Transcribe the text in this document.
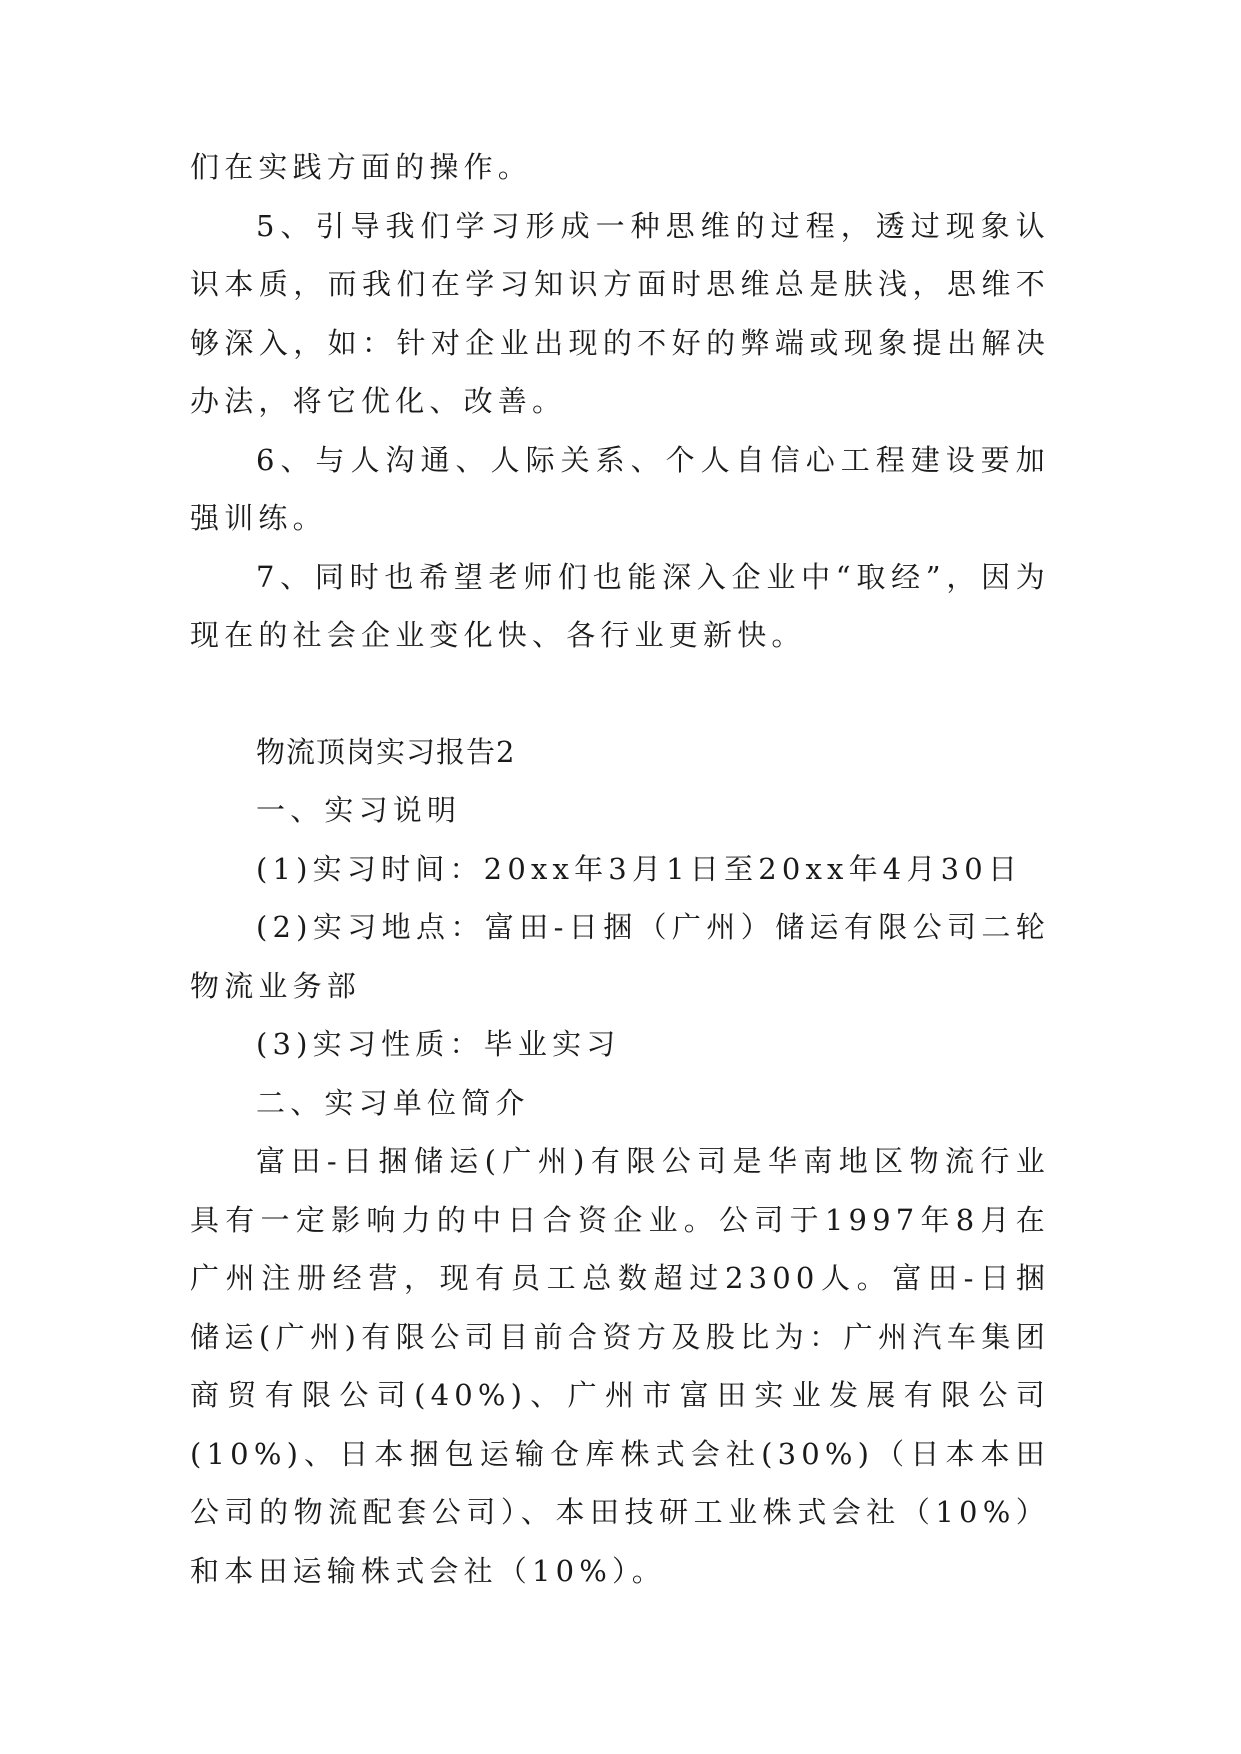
们在实践方面的操作。

5、引导我们学习形成一种思维的过程，透过现象认识本质，而我们在学习知识方面时思维总是肤浅，思维不够深入，如：针对企业出现的不好的弊端或现象提出解决办法，将它优化、改善。

6、与人沟通、人际关系、个人自信心工程建设要加强训练。

7、同时也希望老师们也能深入企业中“取经”，因为现在的社会企业变化快、各行业更新快。

物流顶岗实习报告2

一、实习说明

(1)实习时间：20xx年3月1日至20xx年4月30日

(2)实习地点：富田-日捆（广州）储运有限公司二轮物流业务部

(3)实习性质：毕业实习

二、实习单位简介

富田-日捆储运(广州)有限公司是华南地区物流行业具有一定影响力的中日合资企业。公司于1997年8月在广州注册经营，现有员工总数超过2300人。富田-日捆储运(广州)有限公司目前合资方及股比为：广州汽车集团商贸有限公司(40%)、广州市富田实业发展有限公司(10%)、日本捆包运输仓库株式会社(30%)（日本本田公司的物流配套公司）、本田技研工业株式会社（10%）和本田运输株式会社（10%）。
